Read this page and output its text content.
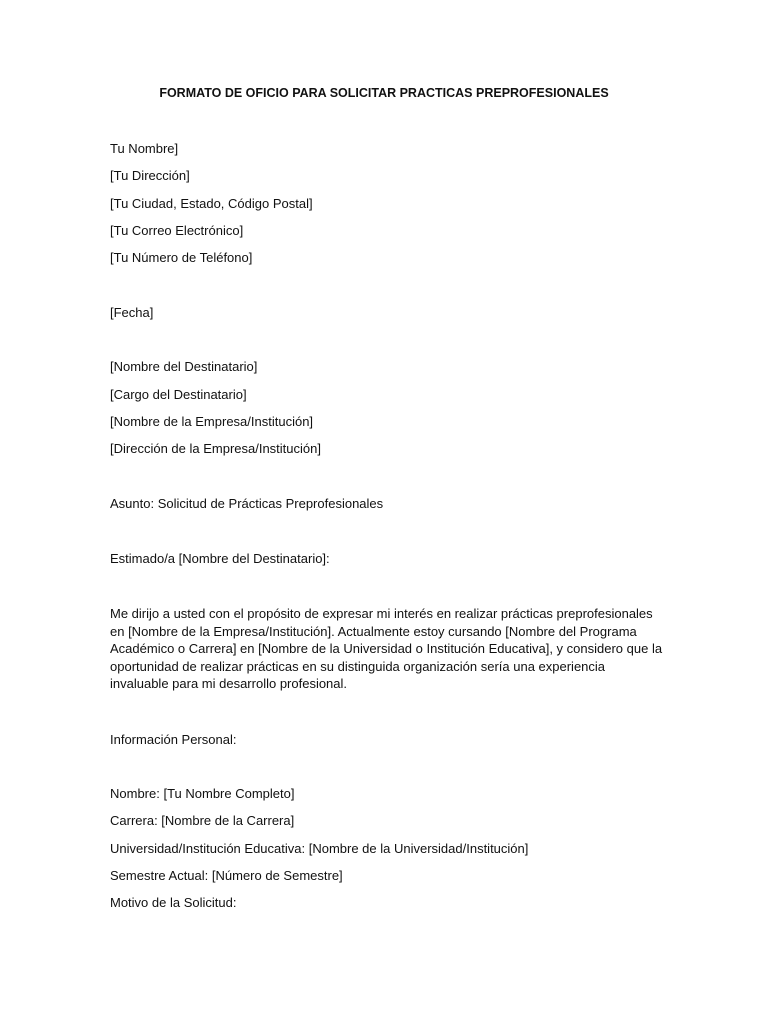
FORMATO DE OFICIO PARA SOLICITAR PRACTICAS PREPROFESIONALES
Tu Nombre]
[Tu Dirección]
[Tu Ciudad, Estado, Código Postal]
[Tu Correo Electrónico]
[Tu Número de Teléfono]
[Fecha]
[Nombre del Destinatario]
[Cargo del Destinatario]
[Nombre de la Empresa/Institución]
[Dirección de la Empresa/Institución]
Asunto: Solicitud de Prácticas Preprofesionales
Estimado/a [Nombre del Destinatario]:
Me dirijo a usted con el propósito de expresar mi interés en realizar prácticas preprofesionales
en [Nombre de la Empresa/Institución]. Actualmente estoy cursando [Nombre del Programa
Académico o Carrera] en [Nombre de la Universidad o Institución Educativa], y considero que la
oportunidad de realizar prácticas en su distinguida organización sería una experiencia
invaluable para mi desarrollo profesional.
Información Personal:
Nombre: [Tu Nombre Completo]
Carrera: [Nombre de la Carrera]
Universidad/Institución Educativa: [Nombre de la Universidad/Institución]
Semestre Actual: [Número de Semestre]
Motivo de la Solicitud:
